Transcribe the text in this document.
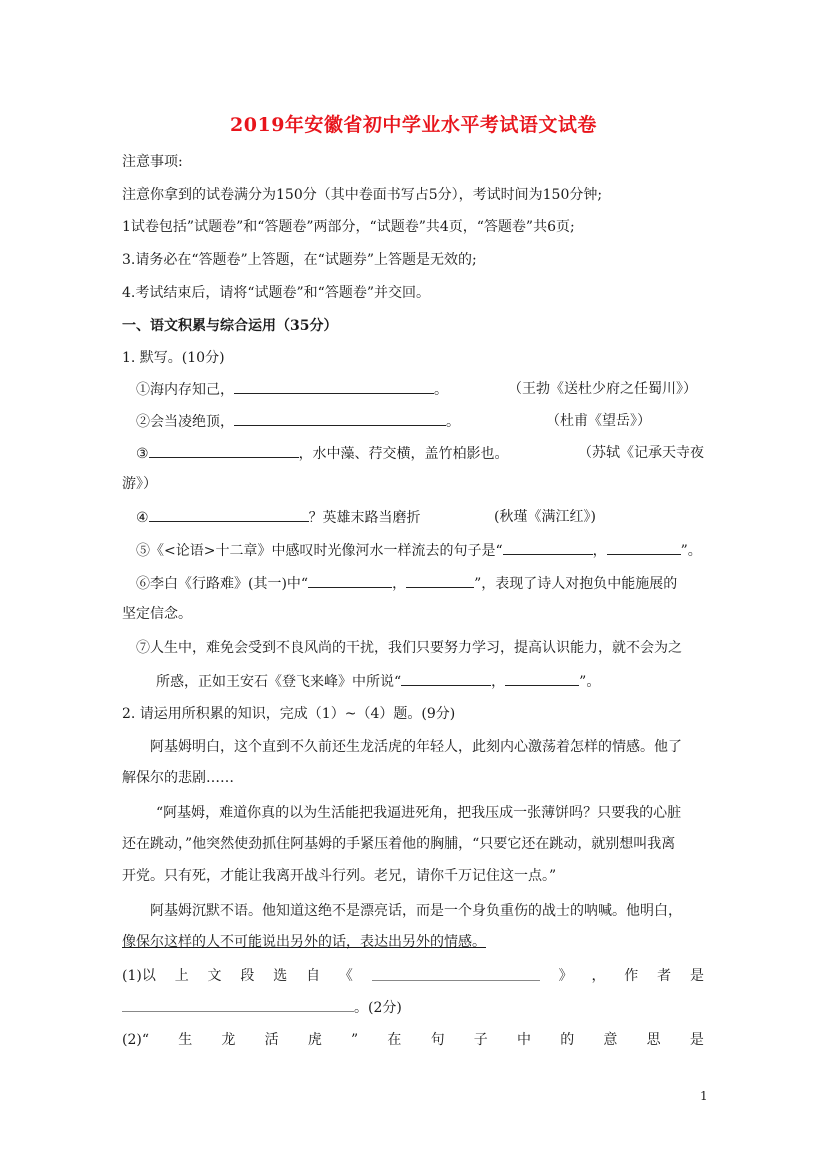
2019年安徽省初中学业水平考试语文试卷
注意事项:
注意你拿到的试卷满分为150分（其中卷面书写占5分），考试时间为150分钟;
1试卷包括”试题卷”和“答题卷”两部分，“试题卷”共4页，“答题卷”共6页;
3.请务必在“答题卷”上答题，在“试题券”上答题是无效的;
4.考试结束后，请将“试题卷”和“答题卷”并交回。
一、语文积累与综合运用（35分）
1. 默写。(10分)
①海内存知己，	。	（王勃《送杜少府之任蜀川》）
②会当凌绝顶，	。	（杜甫《望岳》）
③	，水中藻、荇交横，盖竹柏影也。	（苏轼《记承天寺夜
游》）
④	？英雄末路当磨折	(秋瑾《满江红》)
⑤《<论语>十二章》中感叹时光像河水一样流去的句子是“	，	”。
⑥李白《行路难》(其一)中“	，	”，表现了诗人对抱负中能施展的
坚定信念。
⑦人生中，难免会受到不良风尚的干扰，我们只要努力学习，提高认识能力，就不会为之
所惑，正如王安石《登飞来峰》中所说“	，	”。
2. 请运用所积累的知识，完成（1）~（4）题。(9分)
阿基姆明白，这个直到不久前还生龙活虎的年轻人，此刻内心激荡着怎样的情感。他了
解保尔的悲剧……
“阿基姆，难道你真的以为生活能把我逼进死角，把我压成一张薄饼吗？只要我的心脏
还在跳动，”他突然使劲抓住阿基姆的手紧压着他的胸脯，“只要它还在跳动，就别想叫我离
开党。只有死，才能让我离开战斗行列。老兄，请你千万记住这一点。”
阿基姆沉默不语。他知道这绝不是漂亮话，而是一个身负重伤的战士的呐喊。他明白，
像保尔这样的人不可能说出另外的话，表达出另外的情感。
(1)以 上 文 段 选 自 《	》 ， 作 者 是
。(2分)
(2)“ 生 龙 活 虎 ” 在 句 子 中 的 意 思 是
1
